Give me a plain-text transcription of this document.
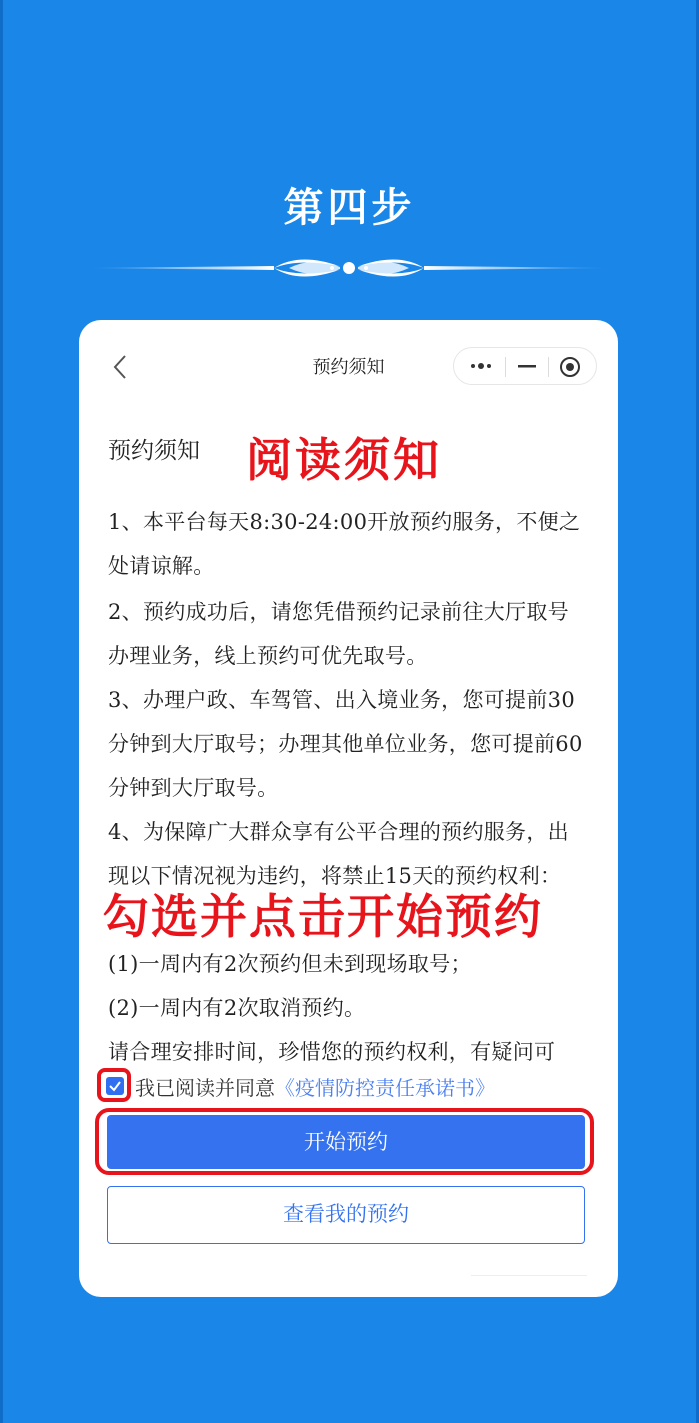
第四步
预约须知
预约须知
1、本平台每天8:30-24:00开放预约服务，不便之处请谅解。
2、预约成功后，请您凭借预约记录前往大厅取号办理业务，线上预约可优先取号。
3、办理户政、车驾管、出入境业务，您可提前30分钟到大厅取号；办理其他单位业务，您可提前60分钟到大厅取号。
4、为保障广大群众享有公平合理的预约服务，出现以下情况视为违约，将禁止15天的预约权利：
(1)一周内有2次预约但未到现场取号；
(2)一周内有2次取消预约。
请合理安排时间，珍惜您的预约权利，有疑问可
我已阅读并同意《疫情防控责任承诺书》
开始预约
查看我的预约
阅读须知
勾选并点击开始预约
